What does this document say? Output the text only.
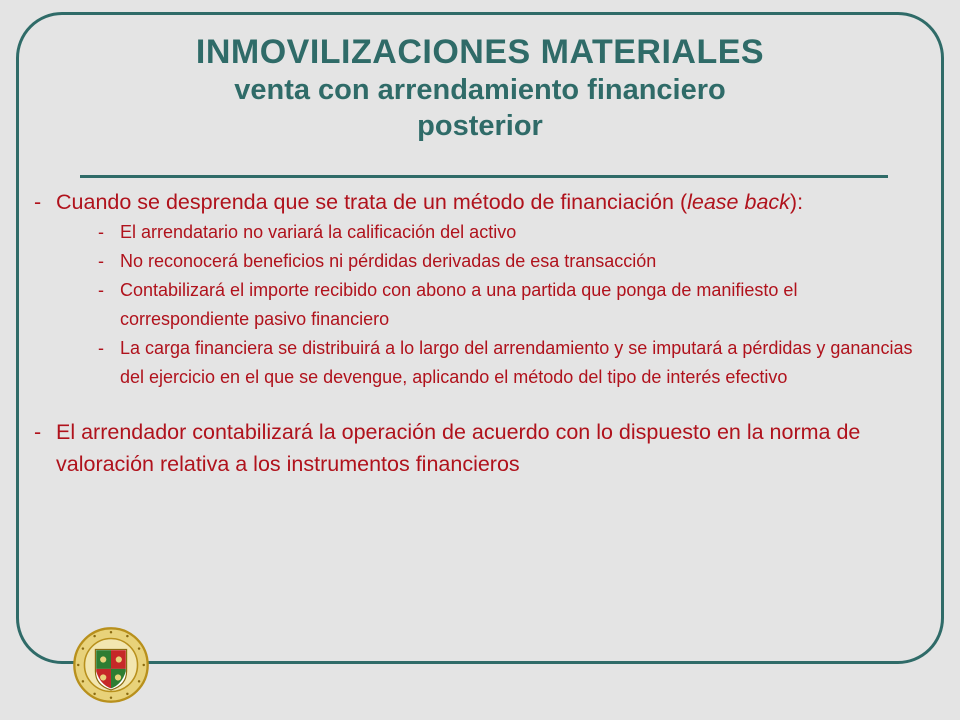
INMOVILIZACIONES MATERIALES
venta con arrendamiento financiero
posterior
- Cuando se desprenda que se trata de un método de financiación (lease back):
- El arrendatario no variará la calificación del activo
- No reconocerá beneficios ni pérdidas derivadas de esa transacción
- Contabilizará el importe recibido con abono a una partida que ponga de manifiesto el correspondiente pasivo financiero
- La carga financiera se distribuirá a lo largo del arrendamiento y se imputará a pérdidas y ganancias del ejercicio en el que se devengue, aplicando el método del tipo de interés efectivo
- El arrendador contabilizará la operación de acuerdo con lo dispuesto en la norma de valoración relativa a los instrumentos financieros
